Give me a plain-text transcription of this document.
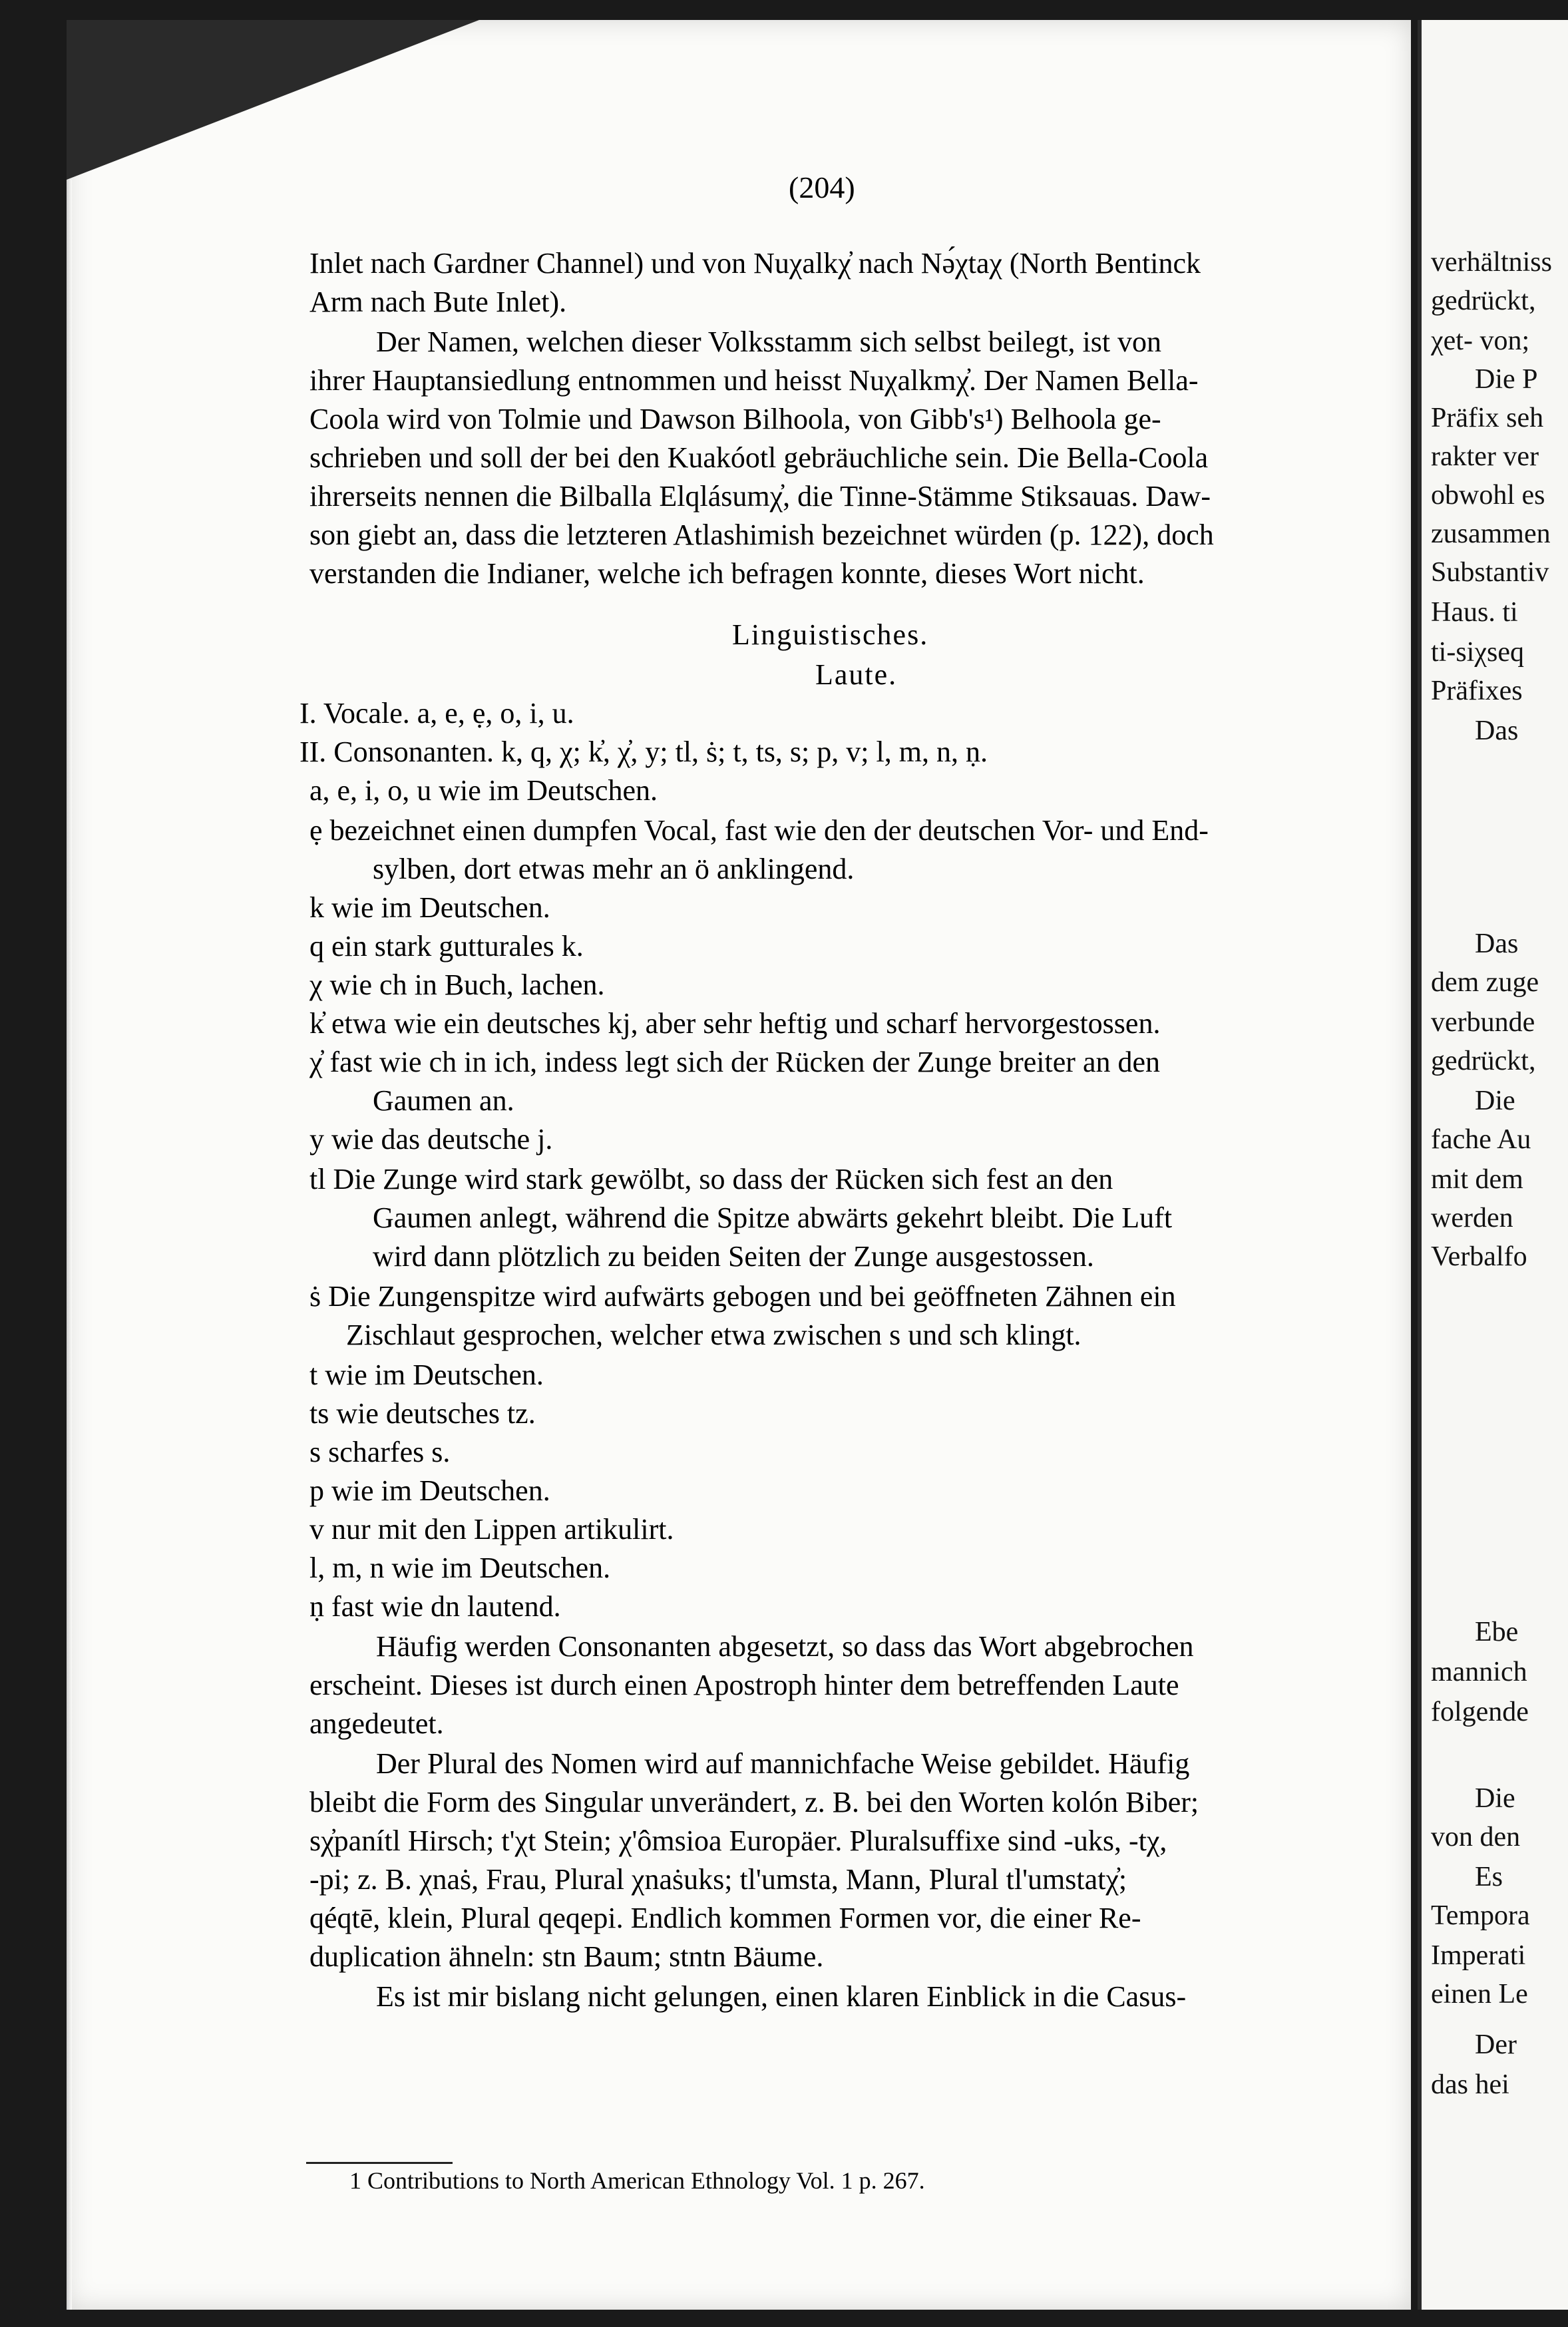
(204)
Inlet nach Gardner Channel) und von Nuχalkχ̓ nach Nə́χtaχ (North Bentinck
Arm nach Bute Inlet).
Der Namen, welchen dieser Volksstamm sich selbst beilegt, ist von
ihrer Hauptansiedlung entnommen und heisst Nuχalkmχ̓. Der Namen Bella-
Coola wird von Tolmie und Dawson Bilhoola, von Gibb's¹) Belhoola ge-
schrieben und soll der bei den Kuakóotl gebräuchliche sein. Die Bella-Coola
ihrerseits nennen die Bilballa Elqlásumχ̓, die Tinne-Stämme Stiksauas. Daw-
son giebt an, dass die letzteren Atlashimish bezeichnet würden (p. 122), doch
verstanden die Indianer, welche ich befragen konnte, dieses Wort nicht.
Linguistisches.
Laute.
I. Vocale. a, e, ẹ, o, i, u.
II. Consonanten. k, q, χ; k̓, χ̓, y; tl, ṡ; t, ts, s; p, v; l, m, n, ṇ.
a, e, i, o, u wie im Deutschen.
ẹ bezeichnet einen dumpfen Vocal, fast wie den der deutschen Vor- und End-
sylben, dort etwas mehr an ö anklingend.
k wie im Deutschen.
q ein stark gutturales k.
χ wie ch in Buch, lachen.
k̓ etwa wie ein deutsches kj, aber sehr heftig und scharf hervorgestossen.
χ̓ fast wie ch in ich, indess legt sich der Rücken der Zunge breiter an den
Gaumen an.
y wie das deutsche j.
tl Die Zunge wird stark gewölbt, so dass der Rücken sich fest an den
Gaumen anlegt, während die Spitze abwärts gekehrt bleibt. Die Luft
wird dann plötzlich zu beiden Seiten der Zunge ausgestossen.
ṡ Die Zungenspitze wird aufwärts gebogen und bei geöffneten Zähnen ein
Zischlaut gesprochen, welcher etwa zwischen s und sch klingt.
t wie im Deutschen.
ts wie deutsches tz.
s scharfes s.
p wie im Deutschen.
v nur mit den Lippen artikulirt.
l, m, n wie im Deutschen.
ṇ fast wie dn lautend.
Häufig werden Consonanten abgesetzt, so dass das Wort abgebrochen
erscheint. Dieses ist durch einen Apostroph hinter dem betreffenden Laute
angedeutet.
Der Plural des Nomen wird auf mannichfache Weise gebildet. Häufig
bleibt die Form des Singular unverändert, z. B. bei den Worten kolón Biber;
sχ̓panítl Hirsch; t'χt Stein; χ'ômsioa Europäer. Pluralsuffixe sind -uks, -tχ,
-pi; z. B. χnaṡ, Frau, Plural χnaṡuks; tl'umsta, Mann, Plural tl'umstatχ̓;
qéqtē, klein, Plural qeqepi. Endlich kommen Formen vor, die einer Re-
duplication ähneln: stn Baum; stntn Bäume.
Es ist mir bislang nicht gelungen, einen klaren Einblick in die Casus-
1 Contributions to North American Ethnology Vol. 1 p. 267.
verhältniss
gedrückt,
χet- von;
Die P
Präfix seh
rakter ver
obwohl es
zusammen
Substantiv
Haus. ti
ti-siχseq
Präfixes
Das
Das
dem zuge
verbunde
gedrückt,
Die
fache Au
mit dem
werden
Verbalfo
Ebe
mannich
folgende
Die
von den
Es
Tempora
Imperati
einen Le
Der
das hei
